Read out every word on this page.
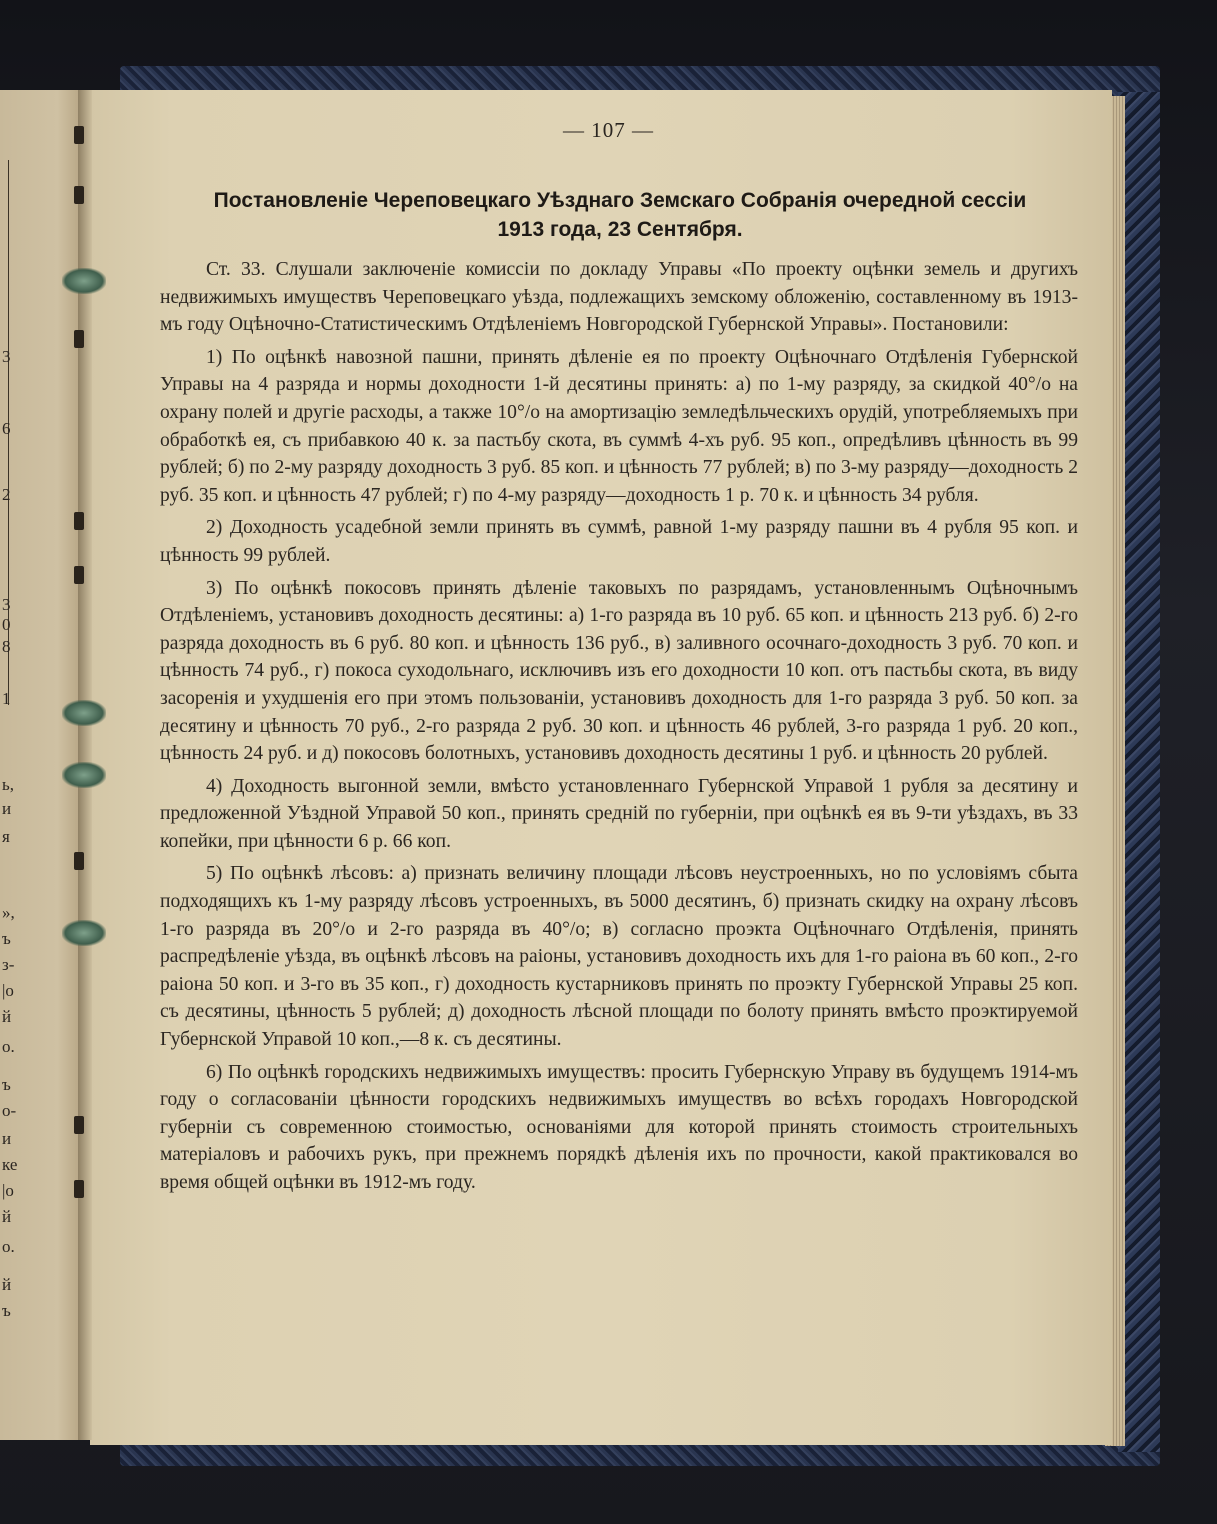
3
6
2
3
0
8
1
ь,
и
я
»,
ъ
з-
|о
й
о.
ъ
о-
и
ке
|о
й
о.
й
ъ
— 107 —
Постановленіе Череповецкаго Уѣзднаго Земскаго Собранія очередной сессіи
1913 года, 23 Сентября.

Ст. 33. Слушали заключеніе комиссіи по докладу Управы «По проекту оцѣнки земель и другихъ недвижимыхъ имуществъ Череповецкаго уѣзда, подлежащихъ земскому обложенію, составленному въ 1913-мъ году Оцѣночно-Статистическимъ Отдѣленіемъ Новгородской Губернской Управы». Постановили:

1) По оцѣнкѣ навозной пашни, принять дѣленіе ея по проекту Оцѣночнаго Отдѣленія Губернской Управы на 4 разряда и нормы доходности 1-й десятины принять: а) по 1-му разряду, за скидкой 40°/о на охрану полей и другіе расходы, а также 10°/о на амортизацію земледѣльческихъ орудій, употребляемыхъ при обработкѣ ея, съ прибавкою 40 к. за пастьбу скота, въ суммѣ 4-хъ руб. 95 коп., опредѣливъ цѣнность въ 99 рублей; б) по 2-му разряду доходность 3 руб. 85 коп. и цѣнность 77 рублей; в) по 3-му разряду—доходность 2 руб. 35 коп. и цѣнность 47 рублей; г) по 4-му разряду—доходность 1 р. 70 к. и цѣнность 34 рубля.

2) Доходность усадебной земли принять въ суммѣ, равной 1-му разряду пашни въ 4 рубля 95 коп. и цѣнность 99 рублей.

3) По оцѣнкѣ покосовъ принять дѣленіе таковыхъ по разрядамъ, установленнымъ Оцѣночнымъ Отдѣленіемъ, установивъ доходность десятины: а) 1-го разряда въ 10 руб. 65 коп. и цѣнность 213 руб. б) 2-го разряда доходность въ 6 руб. 80 коп. и цѣнность 136 руб., в) заливного осочнаго-доходность 3 руб. 70 коп. и цѣнность 74 руб., г) покоса суходольнаго, исключивъ изъ его доходности 10 коп. отъ пастьбы скота, въ виду засоренія и ухудшенія его при этомъ пользованіи, установивъ доходность для 1-го разряда 3 руб. 50 коп. за десятину и цѣнность 70 руб., 2-го разряда 2 руб. 30 коп. и цѣнность 46 рублей, 3-го разряда 1 руб. 20 коп., цѣнность 24 руб. и д) покосовъ болотныхъ, установивъ доходность десятины 1 руб. и цѣнность 20 рублей.

4) Доходность выгонной земли, вмѣсто установленнаго Губернской Управой 1 рубля за десятину и предложенной Уѣздной Управой 50 коп., принять средній по губерніи, при оцѣнкѣ ея въ 9-ти уѣздахъ, въ 33 копейки, при цѣнности 6 р. 66 коп.

5) По оцѣнкѣ лѣсовъ: а) признать величину площади лѣсовъ неустроенныхъ, но по условіямъ сбыта подходящихъ къ 1-му разряду лѣсовъ устроенныхъ, въ 5000 десятинъ, б) признать скидку на охрану лѣсовъ 1-го разряда въ 20°/о и 2-го разряда въ 40°/о; в) согласно проэкта Оцѣночнаго Отдѣленія, принять распредѣленіе уѣзда, въ оцѣнкѣ лѣсовъ на раіоны, установивъ доходность ихъ для 1-го раіона въ 60 коп., 2-го раіона 50 коп. и 3-го въ 35 коп., г) доходность кустарниковъ принять по проэкту Губернской Управы 25 коп. съ десятины, цѣнность 5 рублей; д) доходность лѣсной площади по болоту принять вмѣсто проэктируемой Губернской Управой 10 коп.,—8 к. съ десятины.

6) По оцѣнкѣ городскихъ недвижимыхъ имуществъ: просить Губернскую Управу въ будущемъ 1914-мъ году о согласованіи цѣнности городскихъ недвижимыхъ имуществъ во всѣхъ городахъ Новгородской губерніи съ современною стоимостью, основаніями для которой принять стоимость строительныхъ матеріаловъ и рабочихъ рукъ, при прежнемъ порядкѣ дѣленія ихъ по прочности, какой практиковался во время общей оцѣнки въ 1912-мъ году.
